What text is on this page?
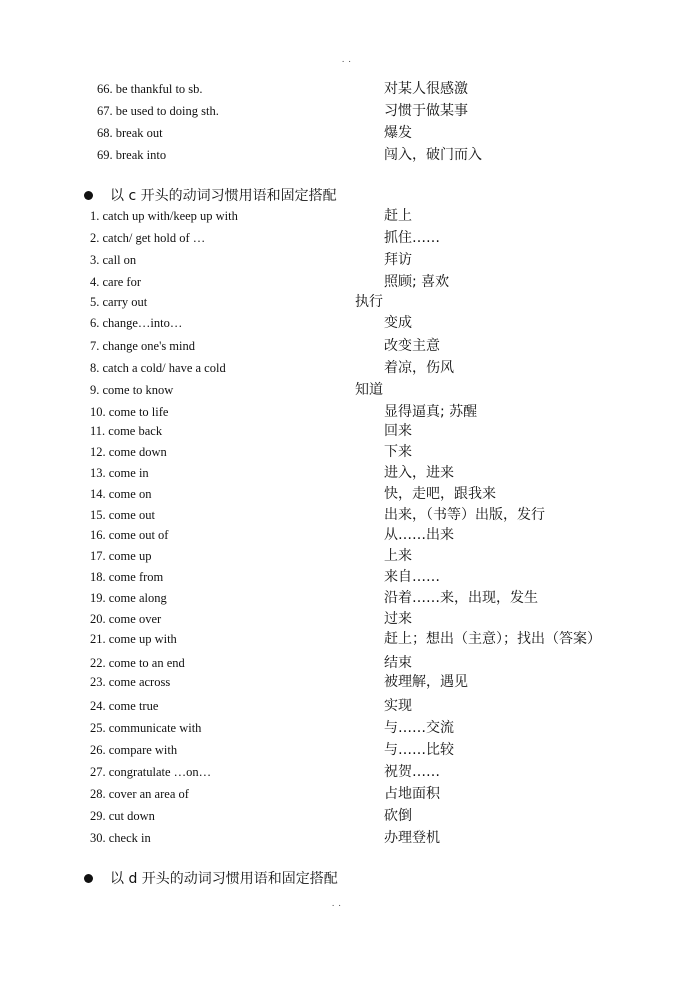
. .
66. be thankful to sb.	对某人很感激
67. be used to doing sth.	习惯于做某事
68. break out	爆发
69. break into	闯入，破门而入
以 c 开头的动词习惯用语和固定搭配
1. catch up with/keep up with	赶上
2. catch/ get hold of …	抓住……
3. call on	拜访
4. care for	照顾; 喜欢
5. carry out	执行
6. change…into…	变成
7. change one's mind	改变主意
8. catch a cold/ have a cold	着凉，伤风
9. come to know	知道
10. come to life	显得逼真; 苏醒
11. come back	回来
12. come down	下来
13. come in	进入，进来
14. come on	快，走吧，跟我来
15. come out	出来，（书等）出版，发行
16. come out of	从……出来
17. come up	上来
18. come from	来自……
19. come along	沿着……来，出现，发生
20. come over	过来
21. come up with	赶上；想出（主意）；找出（答案）
22. come to an end	结束
23. come across	被理解，遇见
24. come true	实现
25. communicate with	与……交流
26. compare with	与……比较
27. congratulate …on…	祝贺……
28. cover an area of	占地面积
29. cut down	砍倒
30. check in	办理登机
以 d 开头的动词习惯用语和固定搭配
. .
